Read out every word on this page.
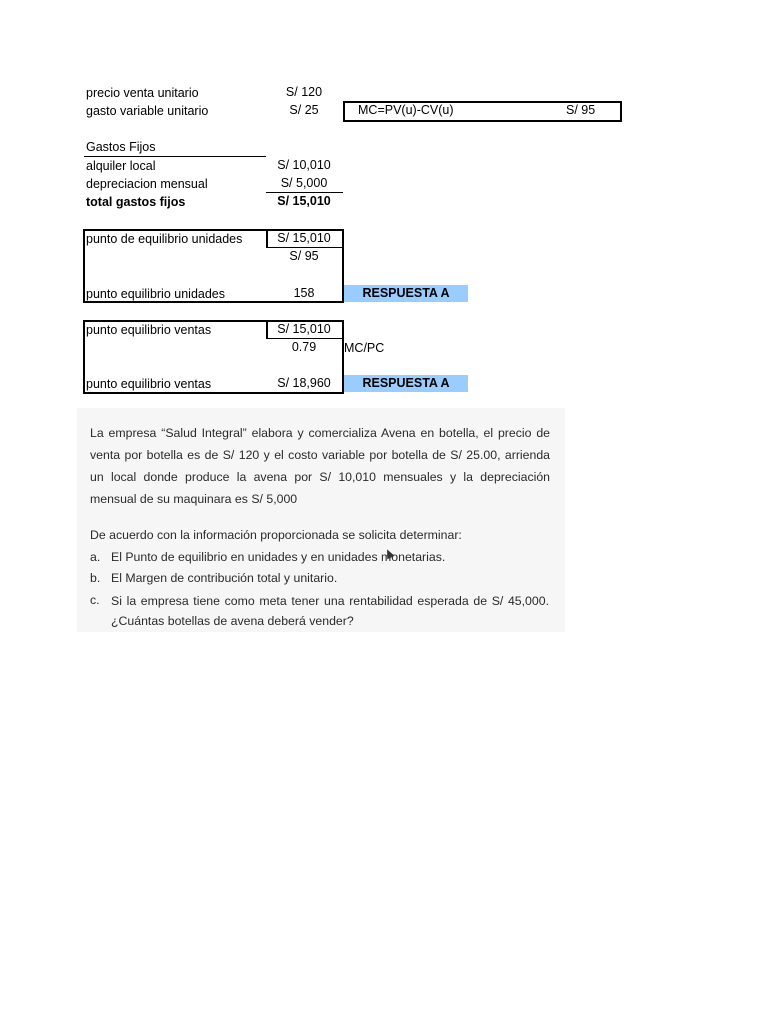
precio venta unitario	S/ 120
gasto variable unitario	S/ 25	MC=PV(u)-CV(u)	S/ 95
Gastos Fijos
alquiler local	S/ 10,010
depreciacion mensual	S/ 5,000
total gastos fijos	S/ 15,010
punto de equilibrio unidades	S/ 15,010
S/ 95
punto equilibrio unidades	158	RESPUESTA A
punto equilibrio ventas	S/ 15,010
0.79	MC/PC
punto equilibrio ventas	S/ 18,960	RESPUESTA A
La empresa “Salud Integral” elabora y comercializa Avena en botella, el precio de venta por botella es de S/ 120 y el costo variable por botella de S/ 25.00, arrienda un local donde produce la avena por S/ 10,010 mensuales y la depreciación mensual de su maquinara es S/ 5,000
De acuerdo con la información proporcionada se solicita determinar:
a. El Punto de equilibrio en unidades y en unidades monetarias.
b. El Margen de contribución total y unitario.
c. Si la empresa tiene como meta tener una rentabilidad esperada de S/ 45,000. ¿Cuántas botellas de avena deberá vender?
